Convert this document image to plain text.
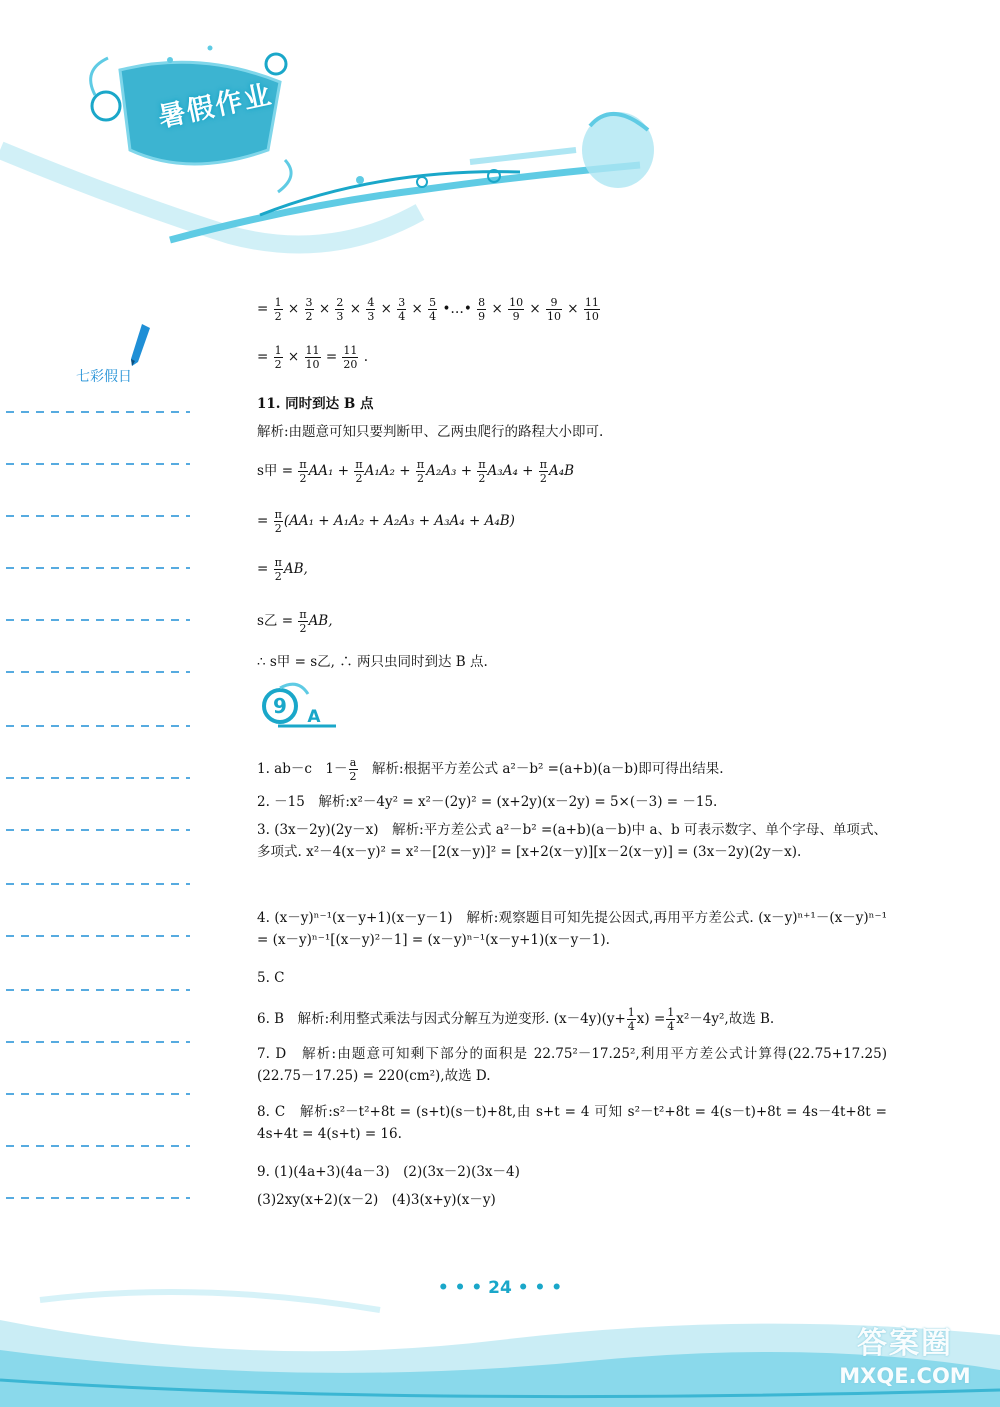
暑假作业
七彩假日
= $\frac{1}{2} \times \frac{3}{2} \times \frac{2}{3} \times \frac{4}{3} \times \frac{3}{4} \times \frac{5}{4}$ •…• $\frac{8}{9} \times \frac{10}{9} \times \frac{9}{10} \times \frac{11}{10}$
= $\frac{1}{2} \times \frac{11}{10} = \frac{11}{20}$ .
11. 同时到达 B 点
解析:由题意可知只要判断甲、乙两虫爬行的路程大小即可.
s甲 = $\frac{\pi}{2} AA_1 + \frac{\pi}{2} A_1A_2 + \frac{\pi}{2} A_2A_3 + \frac{\pi}{2} A_3A_4 + \frac{\pi}{2} A_4B$
= $\frac{\pi}{2} (AA_1 + A_1A_2 + A_2A_3 + A_3A_4 + A_4B)$
= $\frac{\pi}{2}$ AB,
s乙 = $\frac{\pi}{2}$ AB,
∴ s甲 = s乙, ∴ 两只虫同时到达 B 点.
1. ab－c　$1- \frac{a}{2}$ 　解析:根据平方差公式 a²－b² =(a+b)(a－b)即可得出结果.
2. －15　解析:x²－4y² = x²－(2y)² = (x+2y)(x－2y) = 5×(－3) = －15.
3. (3x－2y)(2y－x)　解析:平方差公式 a²－b² =(a+b)(a－b)中 a、b 可表示数字、单个字母、单项式、多项式. x²－4(x－y)² = x²－[2(x－y)]² = [x+2(x－y)][x－2(x－y)] = (3x－2y)(2y－x).
4. (x－y)ⁿ⁻¹(x－y+1)(x－y－1)　解析:观察题目可知先提公因式,再用平方差公式. (x－y)ⁿ⁺¹－(x－y)ⁿ⁻¹ = (x－y)ⁿ⁻¹[(x－y)²－1] = (x－y)ⁿ⁻¹(x－y+1)(x－y－1).
5. C
6. B　解析:利用整式乘法与因式分解互为逆变形. $(x-4y)(y+ \frac{1}{4} x) = \frac{1}{4} x^2-4y^2$,故选 B.
7. D　解析:由题意可知剩下部分的面积是 22.75²－17.25²,利用平方差公式计算得(22.75+17.25)(22.75－17.25) = 220(cm²),故选 D.
8. C　解析:s²－t²+8t = (s+t)(s－t)+8t,由 s+t = 4 可知 s²－t²+8t = 4(s－t)+8t = 4s－4t+8t = 4s+4t = 4(s+t) = 16.
9. (1)(4a+3)(4a－3)　(2)(3x－2)(3x－4)
(3)2xy(x+2)(x－2)　(4)3(x+y)(x－y)
9 A
• • • 24 • • •
答案圈
MXQE.COM
